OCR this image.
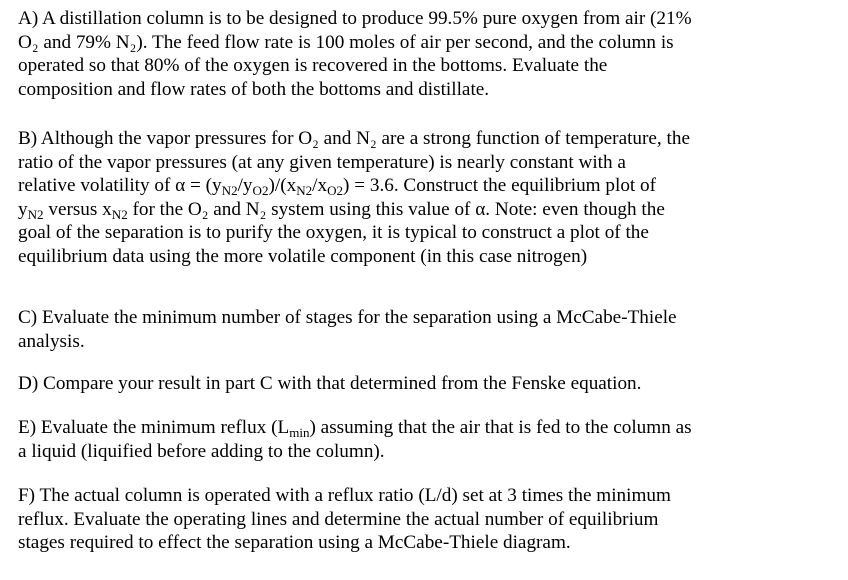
A) A distillation column is to be designed to produce 99.5% pure oxygen from air (21%
O₂ and 79% N₂). The feed flow rate is 100 moles of air per second, and the column is
operated so that 80% of the oxygen is recovered in the bottoms. Evaluate the
composition and flow rates of both the bottoms and distillate.
B) Although the vapor pressures for O₂ and N₂ are a strong function of temperature, the
ratio of the vapor pressures (at any given temperature) is nearly constant with a
relative volatility of $\alpha = (y_{N2}/y_{O2})/(x_{N2}/x_{O2}) = 3.6$. Construct the equilibrium plot of
$y_{N2}$ versus $x_{N2}$ for the O₂ and N₂ system using this value of α. Note: even though the
goal of the separation is to purify the oxygen, it is typical to construct a plot of the
equilibrium data using the more volatile component (in this case nitrogen)
C) Evaluate the minimum number of stages for the separation using a McCabe-Thiele
analysis.
D) Compare your result in part C with that determined from the Fenske equation.
E) Evaluate the minimum reflux $(L_{min})$ assuming that the air that is fed to the column as
a liquid (liquified before adding to the column).
F) The actual column is operated with a reflux ratio (L/d) set at 3 times the minimum
reflux. Evaluate the operating lines and determine the actual number of equilibrium
stages required to effect the separation using a McCabe-Thiele diagram.
